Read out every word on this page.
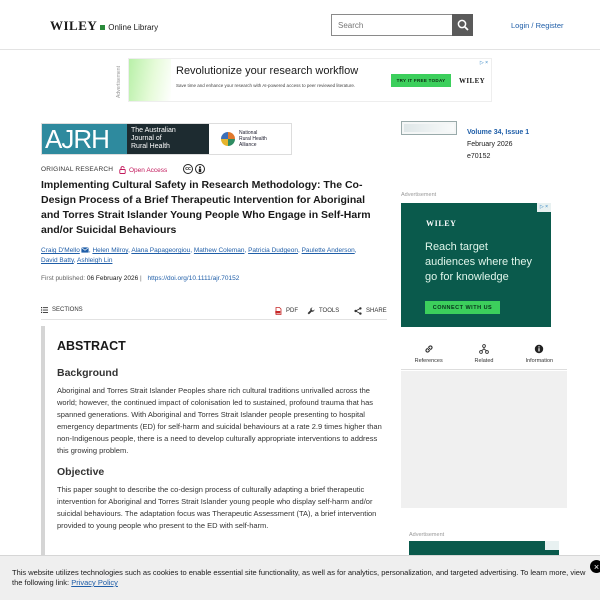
WILEY Online Library
Search	Login / Register
Advertisement	Revolutionize your research workflow
Save time and enhance your research with AI-powered access to peer reviewed literature.
TRY IT FREE TODAY	WILEY
▷ ×
AJRH	The Australian
Journal of
Rural Health
National
Rural Health
Alliance
ORIGINAL RESEARCH Open Access	cc
Implementing Cultural Safety in Research Methodology: The Co-Design Process of a Brief Therapeutic Intervention for Aboriginal and Torres Strait Islander Young People Who Engage in Self-Harm and/or Suicidal Behaviours
Craig D'Mello , Helen Milroy, Alana Papageorgiou, Mathew Coleman, Patricia Dudgeon, Paulette Anderson, David Batty, Ashleigh Lin
First published: 06 February 2026 | https://doi.org/10.1111/ajr.70152
SECTIONS	PDF	TOOLS	SHARE
ABSTRACT
Background

Aboriginal and Torres Strait Islander Peoples share rich cultural traditions unrivalled across the world; however, the continued impact of colonisation led to sustained, profound trauma that has spanned generations. With Aboriginal and Torres Strait Islander people presenting to hospital emergency departments (ED) for self-harm and suicidal behaviours at a rate 2.9 times higher than non-Indigenous people, there is a need to develop culturally appropriate interventions to address this growing problem.

Objective

This paper sought to describe the co-design process of culturally adapting a brief therapeutic intervention for Aboriginal and Torres Strait Islander young people who display self-harm and/or suicidal behaviours. The adaptation focus was Therapeutic Assessment (TA), a brief intervention provided to young people who present to the ED with self-harm.

Volume 34, Issue 1
February 2026
e70152
Advertisement
▷ ×
WILEY
Reach target audiences where they go for knowledge
CONNECT WITH US
References	Related	Information
Advertisement
This website utilizes technologies such as cookies to enable essential site functionality, as well as for analytics, personalization, and targeted advertising. To learn more, view the following link: Privacy Policy
×
